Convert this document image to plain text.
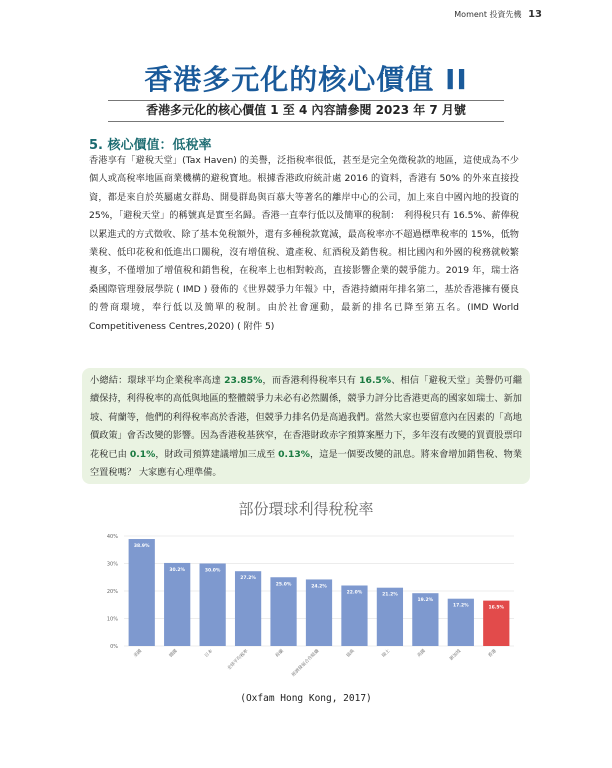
Moment 投資先機 13
香港多元化的核心價值 II
香港多元化的核心價值 1 至 4 內容請參閱 2023 年 7 月號
5. 核心價值：低稅率
香港享有「避稅天堂」(Tax Haven) 的美譽，泛指稅率很低，甚至是完全免徵稅款的地區，這使成為不少個人或高稅率地區商業機構的避稅寶地。根據香港政府統計處 2016 的資料，香港有 50% 的外來直接投資，都是來自於英屬處女群島、開曼群島與百慕大等著名的離岸中心的公司，加上來自中國內地的投資的 25%，「避稅天堂」的稱號真是實至名歸。香港一直奉行低以及簡單的稅制：　利得稅只有 16.5%、薪俸稅以累進式的方式徵收、除了基本免稅額外，還有多種稅款寬減，最高稅率亦不超過標準稅率的 15%，低物業稅、低印花稅和低進出口關稅，沒有增值稅、遺產稅、紅酒稅及銷售稅。相比國內和外國的稅務就較繁複多，不僅增加了增值稅和銷售稅，在稅率上也相對較高，直接影響企業的競爭能力。2019 年，瑞士洛桑國際管理發展學院 ( IMD ) 發佈的《世界競爭力年報》中，香港持續兩年排名第二，基於香港擁有優良的營商環境，奉行低以及簡單的稅制。由於社會運動，最新的排名已降至第五名。(IMD World Competitiveness Centres,2020) ( 附件 5)
小總結：環球平均企業稅率高達 23.85%，而香港利得稅率只有 16.5%、相信「避稅天堂」美譽仍可繼續保持，利得稅率的高低與地區的整體競爭力未必有必然關係，競爭力評分比香港更高的國家如瑞士、新加坡、荷蘭等，他們的利得稅率高於香港，但競爭力排名仍是高過我們。當然大家也要留意內在因素的「高地價政策」會否改變的影響。因為香港稅基狹窄，在香港財政赤字預算案壓力下，多年沒有改變的買賣股票印花稅已由 0.1%，財政司預算建議增加三成至 0.13%，這是一個要改變的訊息。將來會增加銷售稅、物業空置稅嗎？ 大家應有心理準備。
部份環球利得稅稅率
0%
10%
20%
30%
40%
38.9%
美國
30.2%
德國
30.0%
日本
27.2%
全球平均稅率
25.0%
荷蘭
24.2%
經濟發展合作組織
22.0%
瑞典
21.2%
瑞士
19.2%
英國
17.2%
新加坡
16.5%
香港
(Oxfam Hong Kong, 2017)
